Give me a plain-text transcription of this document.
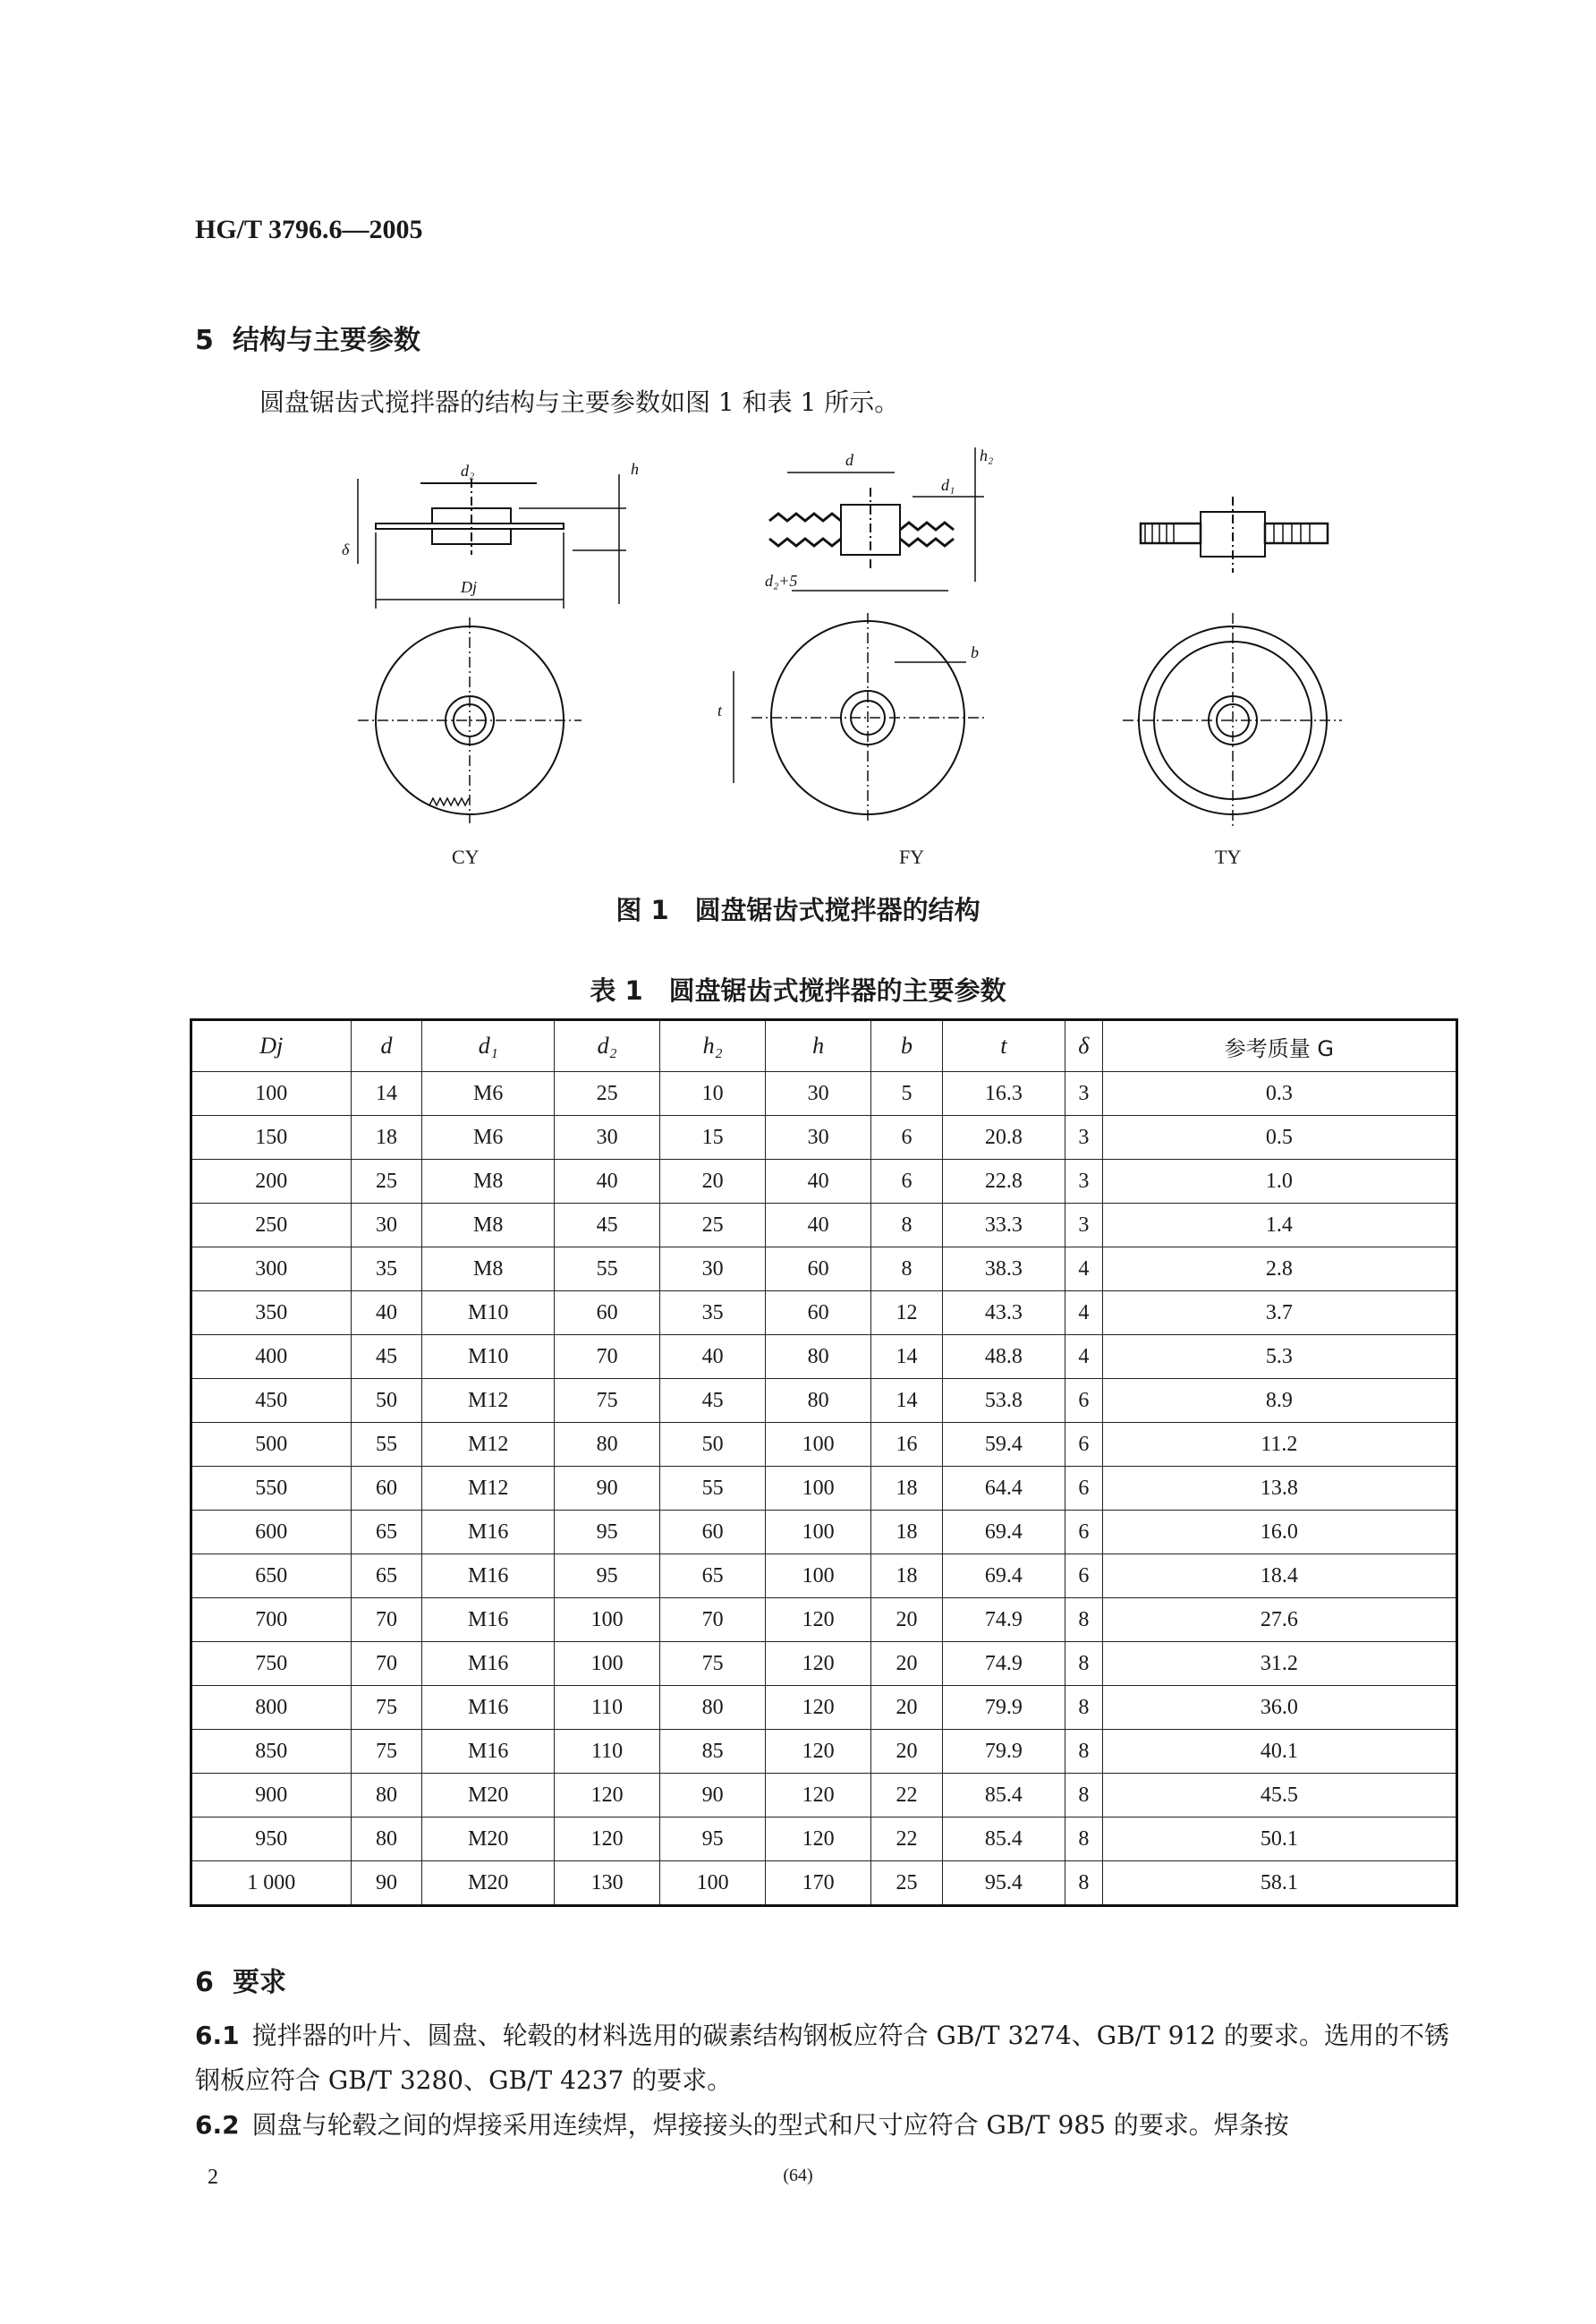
HG/T 3796.6—2005
5 结构与主要参数
圆盘锯齿式搅拌器的结构与主要参数如图 1 和表 1 所示。
d₂	h
δ
Dj
d
d₁
h₂
d₂+5
b
t
CY	FY	TY
图 1　圆盘锯齿式搅拌器的结构
表 1　圆盘锯齿式搅拌器的主要参数
Dj	d	d₁	d₂	h₂	h	b	t	δ	参考质量 G
100	14	M6	25	10	30	5	16.3	3	0.3
150	18	M6	30	15	30	6	20.8	3	0.5
200	25	M8	40	20	40	6	22.8	3	1.0
250	30	M8	45	25	40	8	33.3	3	1.4
300	35	M8	55	30	60	8	38.3	4	2.8
350	40	M10	60	35	60	12	43.3	4	3.7
400	45	M10	70	40	80	14	48.8	4	5.3
450	50	M12	75	45	80	14	53.8	6	8.9
500	55	M12	80	50	100	16	59.4	6	11.2
550	60	M12	90	55	100	18	64.4	6	13.8
600	65	M16	95	60	100	18	69.4	6	16.0
650	65	M16	95	65	100	18	69.4	6	18.4
700	70	M16	100	70	120	20	74.9	8	27.6
750	70	M16	100	75	120	20	74.9	8	31.2
800	75	M16	110	80	120	20	79.9	8	36.0
850	75	M16	110	85	120	20	79.9	8	40.1
900	80	M20	120	90	120	22	85.4	8	45.5
950	80	M20	120	95	120	22	85.4	8	50.1
1 000	90	M20	130	100	170	25	95.4	8	58.1
6 要求
6.1 搅拌器的叶片、圆盘、轮毂的材料选用的碳素结构钢板应符合 GB/T 3274、GB/T 912 的要求。选用的不锈钢板应符合 GB/T 3280、GB/T 4237 的要求。
6.2 圆盘与轮毂之间的焊接采用连续焊，焊接接头的型式和尺寸应符合 GB/T 985 的要求。焊条按
2	(64)
